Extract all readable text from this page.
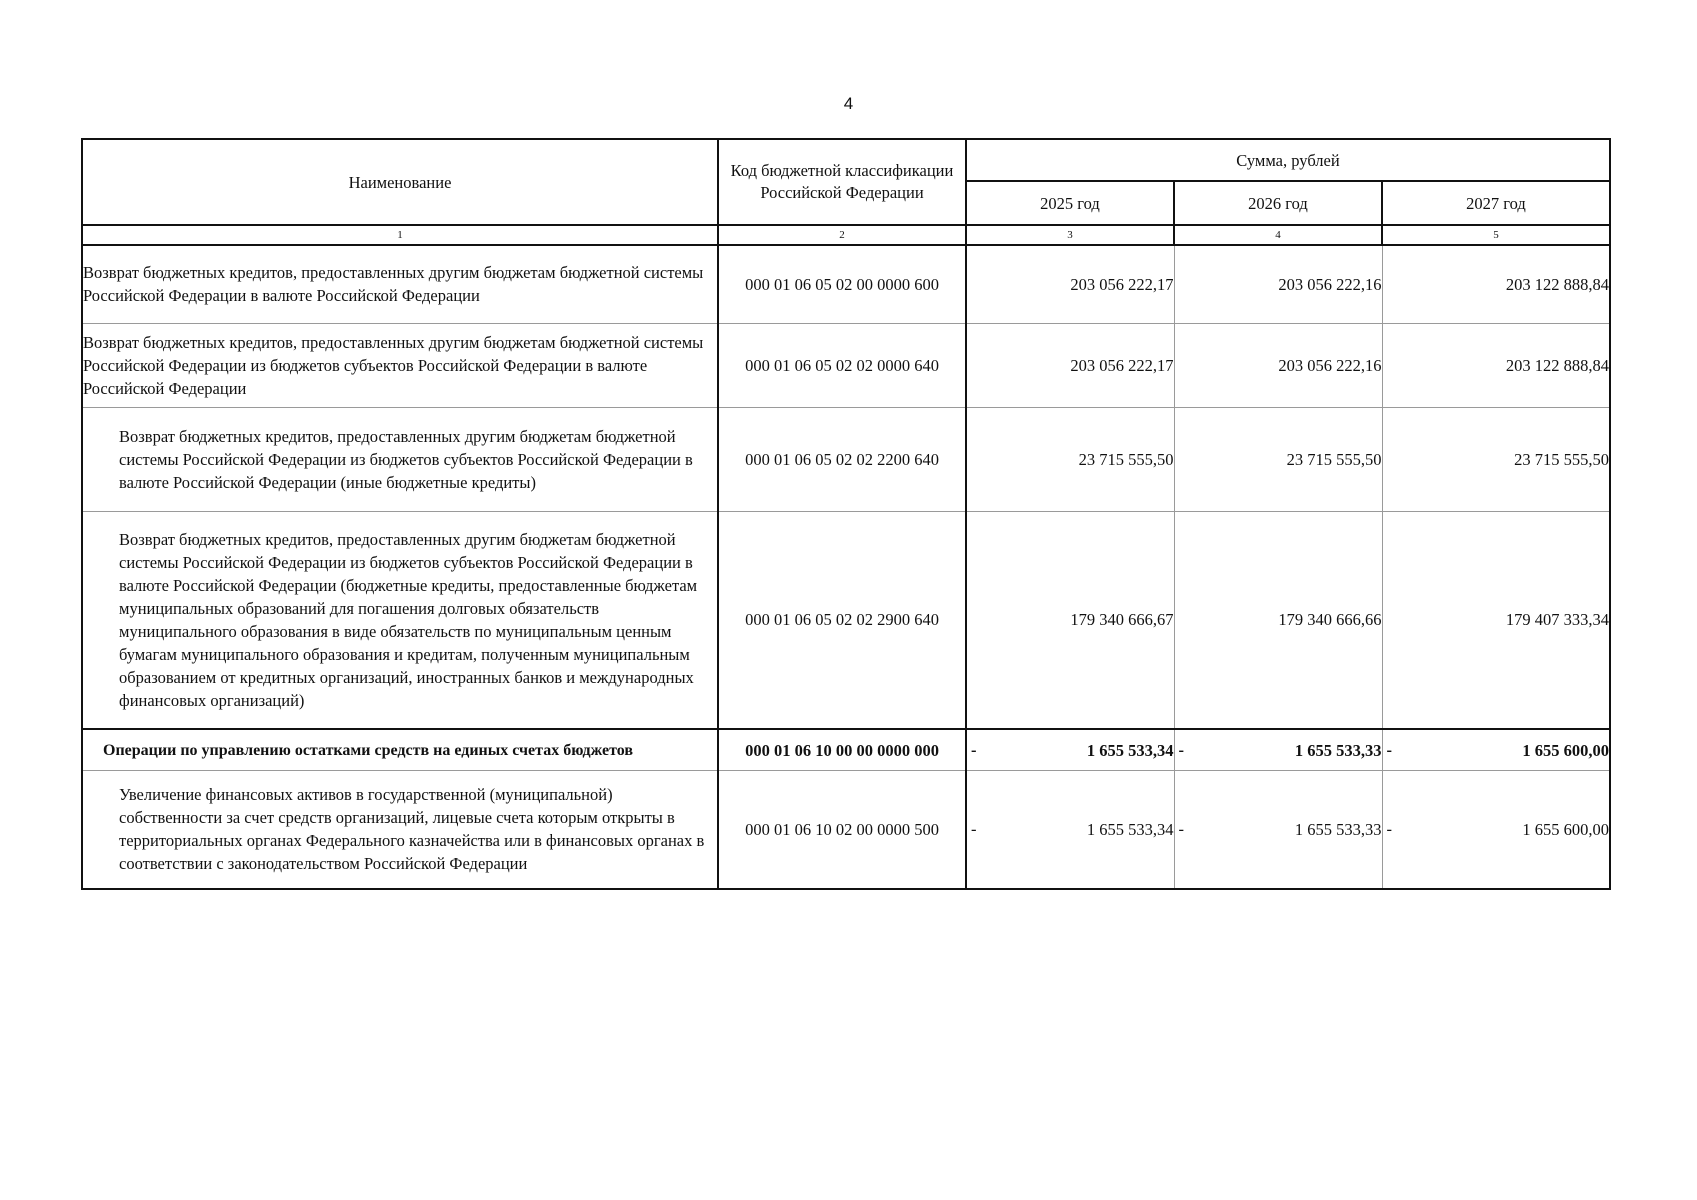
4
Наименование	Код бюджетной классификации Российской Федерации	Сумма, рублей		
		2025 год	2026 год	2027 год
1	2	3	4	5
Возврат бюджетных кредитов, предоставленных другим бюджетам бюджетной системы Российской Федерации в валюте Российской Федерации	000 01 06 05 02 00 0000 600	203 056 222,17	203 056 222,16	203 122 888,84
Возврат бюджетных кредитов, предоставленных другим бюджетам бюджетной системы Российской Федерации из бюджетов субъектов Российской Федерации в валюте Российской Федерации	000 01 06 05 02 02 0000 640	203 056 222,17	203 056 222,16	203 122 888,84
Возврат бюджетных кредитов, предоставленных другим бюджетам бюджетной системы Российской Федерации из бюджетов субъектов Российской Федерации в валюте Российской Федерации (иные бюджетные кредиты)	000 01 06 05 02 02 2200 640	23 715 555,50	23 715 555,50	23 715 555,50
Возврат бюджетных кредитов, предоставленных другим бюджетам бюджетной системы Российской Федерации из бюджетов субъектов Российской Федерации в валюте Российской Федерации (бюджетные кредиты, предоставленные бюджетам муниципальных образований для погашения долговых обязательств муниципального образования в виде обязательств по муниципальным ценным бумагам муниципального образования и кредитам, полученным муниципальным образованием от кредитных организаций, иностранных банков и международных финансовых организаций)	000 01 06 05 02 02 2900 640	179 340 666,67	179 340 666,66	179 407 333,34
Операции по управлению остатками средств на единых счетах бюджетов	000 01 06 10 00 00 0000 000	- 1 655 533,34	- 1 655 533,33	- 1 655 600,00
Увеличение финансовых активов в государственной (муниципальной) собственности за счет средств организаций, лицевые счета которым открыты в территориальных органах Федерального казначейства или в финансовых органах в соответствии с законодательством Российской Федерации	000 01 06 10 02 00 0000 500	- 1 655 533,34	- 1 655 533,33	- 1 655 600,00
